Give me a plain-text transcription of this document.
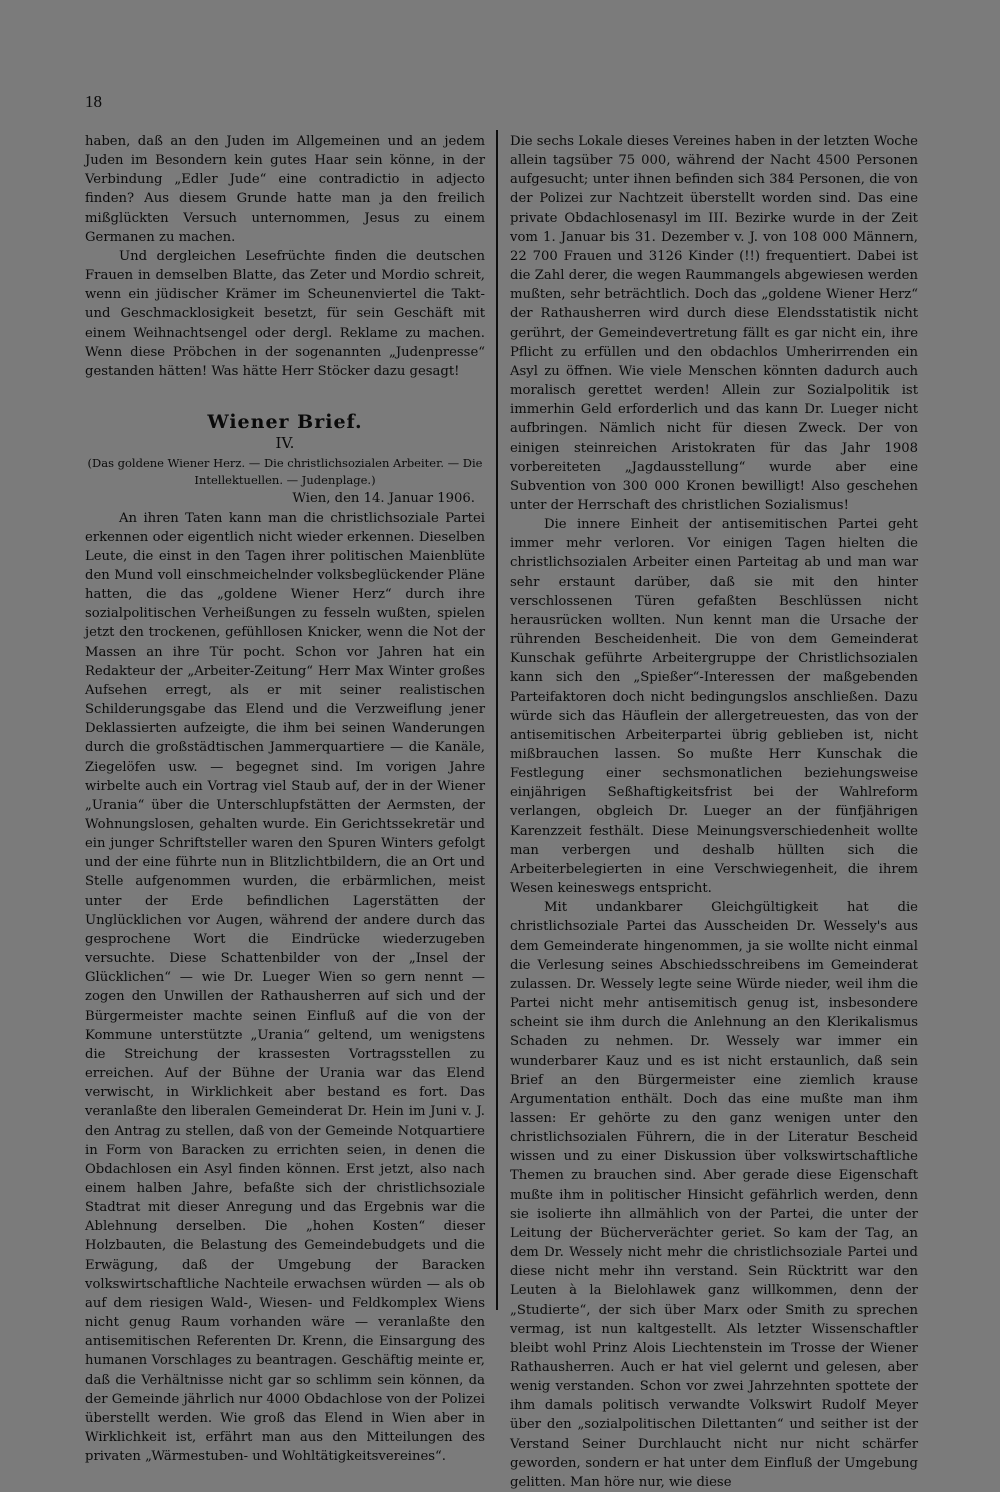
18

haben, daß an den Juden im Allgemeinen und an jedem Juden im Besondern kein gutes Haar sein könne, in der Verbindung „Edler Jude“ eine contradictio in adjecto finden? Aus diesem Grunde hatte man ja den freilich mißglückten Versuch unternommen, Jesus zu einem Germanen zu machen.

Und dergleichen Lesefrüchte finden die deutschen Frauen in demselben Blatte, das Zeter und Mordio schreit, wenn ein jüdischer Krämer im Scheunenviertel die Takt- und Geschmacklosigkeit besetzt, für sein Geschäft mit einem Weihnachtsengel oder dergl. Reklame zu machen. Wenn diese Pröbchen in der sogenannten „Judenpresse“ gestanden hätten! Was hätte Herr Stöcker dazu gesagt!

Wiener Brief.
IV.
(Das goldene Wiener Herz. — Die christlichsozialen Arbeiter. — Die Intellektuellen. — Judenplage.)
Wien, den 14. Januar 1906.

An ihren Taten kann man die christlichsoziale Partei erkennen oder eigentlich nicht wieder erkennen. Dieselben Leute, die einst in den Tagen ihrer politischen Maienblüte den Mund voll einschmeichelnder volksbeglückender Pläne hatten, die das „goldene Wiener Herz“ durch ihre sozialpolitischen Verheißungen zu fesseln wußten, spielen jetzt den trockenen, gefühllosen Knicker, wenn die Not der Massen an ihre Tür pocht. Schon vor Jahren hat ein Redakteur der „Arbeiter-Zeitung“ Herr Max Winter großes Aufsehen erregt, als er mit seiner realistischen Schilderungsgabe das Elend und die Verzweiflung jener Deklassierten aufzeigte, die ihm bei seinen Wanderungen durch die großstädtischen Jammerquartiere — die Kanäle, Ziegelöfen usw. — begegnet sind. Im vorigen Jahre wirbelte auch ein Vortrag viel Staub auf, der in der Wiener „Urania“ über die Unterschlupfstätten der Aermsten, der Wohnungslosen, gehalten wurde. Ein Gerichtssekretär und ein junger Schriftsteller waren den Spuren Winters gefolgt und der eine führte nun in Blitzlichtbildern, die an Ort und Stelle aufgenommen wurden, die erbärmlichen, meist unter der Erde befindlichen Lagerstätten der Unglücklichen vor Augen, während der andere durch das gesprochene Wort die Eindrücke wiederzugeben versuchte. Diese Schattenbilder von der „Insel der Glücklichen“ — wie Dr. Lueger Wien so gern nennt — zogen den Unwillen der Rathausherren auf sich und der Bürgermeister machte seinen Einfluß auf die von der Kommune unterstützte „Urania“ geltend, um wenigstens die Streichung der krassesten Vortragsstellen zu erreichen. Auf der Bühne der Urania war das Elend verwischt, in Wirklichkeit aber bestand es fort. Das veranlaßte den liberalen Gemeinderat Dr. Hein im Juni v. J. den Antrag zu stellen, daß von der Gemeinde Notquartiere in Form von Baracken zu errichten seien, in denen die Obdachlosen ein Asyl finden können. Erst jetzt, also nach einem halben Jahre, befaßte sich der christlichsoziale Stadtrat mit dieser Anregung und das Ergebnis war die Ablehnung derselben. Die „hohen Kosten“ dieser Holzbauten, die Belastung des Gemeindebudgets und die Erwägung, daß der Umgebung der Baracken volkswirtschaftliche Nachteile erwachsen würden — als ob auf dem riesigen Wald-, Wiesen- und Feldkomplex Wiens nicht genug Raum vorhanden wäre — veranlaßte den antisemitischen Referenten Dr. Krenn, die Einsargung des humanen Vorschlages zu beantragen. Geschäftig meinte er, daß die Verhältnisse nicht gar so schlimm sein können, da der Gemeinde jährlich nur 4000 Obdachlose von der Polizei überstellt werden. Wie groß das Elend in Wien aber in Wirklichkeit ist, erfährt man aus den Mitteilungen des privaten „Wärmestuben- und Wohltätigkeitsvereines“.

Die sechs Lokale dieses Vereines haben in der letzten Woche allein tagsüber 75 000, während der Nacht 4500 Personen aufgesucht; unter ihnen befinden sich 384 Personen, die von der Polizei zur Nachtzeit überstellt worden sind. Das eine private Obdachlosenasyl im III. Bezirke wurde in der Zeit vom 1. Januar bis 31. Dezember v. J. von 108 000 Männern, 22 700 Frauen und 3126 Kinder (!!) frequentiert. Dabei ist die Zahl derer, die wegen Raummangels abgewiesen werden mußten, sehr beträchtlich. Doch das „goldene Wiener Herz“ der Rathausherren wird durch diese Elendsstatistik nicht gerührt, der Gemeindevertretung fällt es gar nicht ein, ihre Pflicht zu erfüllen und den obdachlos Umherirrenden ein Asyl zu öffnen. Wie viele Menschen könnten dadurch auch moralisch gerettet werden! Allein zur Sozialpolitik ist immerhin Geld erforderlich und das kann Dr. Lueger nicht aufbringen. Nämlich nicht für diesen Zweck. Der von einigen steinreichen Aristokraten für das Jahr 1908 vorbereiteten „Jagdausstellung“ wurde aber eine Subvention von 300 000 Kronen bewilligt! Also geschehen unter der Herrschaft des christlichen Sozialismus!

Die innere Einheit der antisemitischen Partei geht immer mehr verloren. Vor einigen Tagen hielten die christlichsozialen Arbeiter einen Parteitag ab und man war sehr erstaunt darüber, daß sie mit den hinter verschlossenen Türen gefaßten Beschlüssen nicht herausrücken wollten. Nun kennt man die Ursache der rührenden Bescheidenheit. Die von dem Gemeinderat Kunschak geführte Arbeitergruppe der Christlichsozialen kann sich den „Spießer“-Interessen der maßgebenden Parteifaktoren doch nicht bedingungslos anschließen. Dazu würde sich das Häuflein der allergetreuesten, das von der antisemitischen Arbeiterpartei übrig geblieben ist, nicht mißbrauchen lassen. So mußte Herr Kunschak die Festlegung einer sechsmonatlichen beziehungsweise einjährigen Seßhaftigkeitsfrist bei der Wahlreform verlangen, obgleich Dr. Lueger an der fünfjährigen Karenzzeit festhält. Diese Meinungsverschiedenheit wollte man verbergen und deshalb hüllten sich die Arbeiterbelegierten in eine Verschwiegenheit, die ihrem Wesen keineswegs entspricht.

Mit undankbarer Gleichgültigkeit hat die christlichsoziale Partei das Ausscheiden Dr. Wessely's aus dem Gemeinderate hingenommen, ja sie wollte nicht einmal die Verlesung seines Abschiedsschreibens im Gemeinderat zulassen. Dr. Wessely legte seine Würde nieder, weil ihm die Partei nicht mehr antisemitisch genug ist, insbesondere scheint sie ihm durch die Anlehnung an den Klerikalismus Schaden zu nehmen. Dr. Wessely war immer ein wunderbarer Kauz und es ist nicht erstaunlich, daß sein Brief an den Bürgermeister eine ziemlich krause Argumentation enthält. Doch das eine mußte man ihm lassen: Er gehörte zu den ganz wenigen unter den christlichsozialen Führern, die in der Literatur Bescheid wissen und zu einer Diskussion über volkswirtschaftliche Themen zu brauchen sind. Aber gerade diese Eigenschaft mußte ihm in politischer Hinsicht gefährlich werden, denn sie isolierte ihn allmählich von der Partei, die unter der Leitung der Bücherverächter geriet. So kam der Tag, an dem Dr. Wessely nicht mehr die christlichsoziale Partei und diese nicht mehr ihn verstand. Sein Rücktritt war den Leuten à la Bielohlawek ganz willkommen, denn der „Studierte“, der sich über Marx oder Smith zu sprechen vermag, ist nun kaltgestellt. Als letzter Wissenschaftler bleibt wohl Prinz Alois Liechtenstein im Trosse der Wiener Rathausherren. Auch er hat viel gelernt und gelesen, aber wenig verstanden. Schon vor zwei Jahrzehnten spottete der ihm damals politisch verwandte Volkswirt Rudolf Meyer über den „sozialpolitischen Dilettanten“ und seither ist der Verstand Seiner Durchlaucht nicht nur nicht schärfer geworden, sondern er hat unter dem Einfluß der Umgebung gelitten. Man höre nur, wie diese
